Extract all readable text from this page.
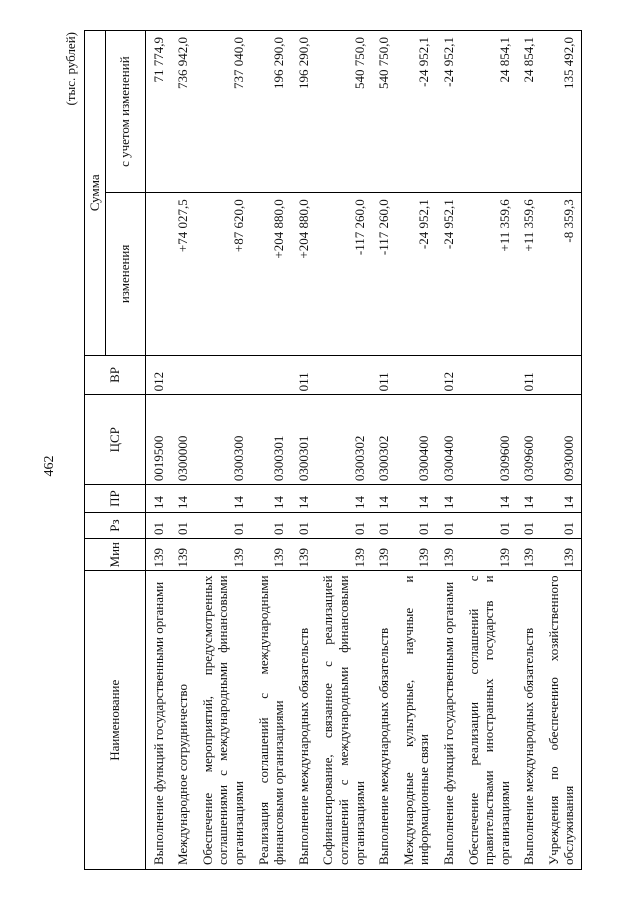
462
(тыс. рублей)
Наименование	Мин	Рз	ПР	ЦСР	ВР	Сумма	
						изменения	с учетом изменений
Выполнение функций государственными органами	139	01	14	0019500	012		71 774,9
Международное сотрудничество	139	01	14	0300000		+74 027,5	736 942,0
Обеспечение мероприятий, предусмотренных соглашениями с международными финансовыми организациями	139	01	14	0300300		+87 620,0	737 040,0
Реализация соглашений с международными финансовыми организациями	139	01	14	0300301		+204 880,0	196 290,0
Выполнение международных обязательств	139	01	14	0300301	011	+204 880,0	196 290,0
Софинансирование, связанное с реализацией соглашений с международными финансовыми организациями	139	01	14	0300302		-117 260,0	540 750,0
Выполнение международных обязательств	139	01	14	0300302	011	-117 260,0	540 750,0
Международные культурные, научные и информационные связи	139	01	14	0300400		-24 952,1	-24 952,1
Выполнение функций государственными органами	139	01	14	0300400	012	-24 952,1	-24 952,1
Обеспечение реализации соглашений с правительствами иностранных государств и организациями	139	01	14	0309600		+11 359,6	24 854,1
Выполнение международных обязательств	139	01	14	0309600	011	+11 359,6	24 854,1
Учреждения по обеспечению хозяйственного обслуживания	139	01	14	0930000		-8 359,3	135 492,0
